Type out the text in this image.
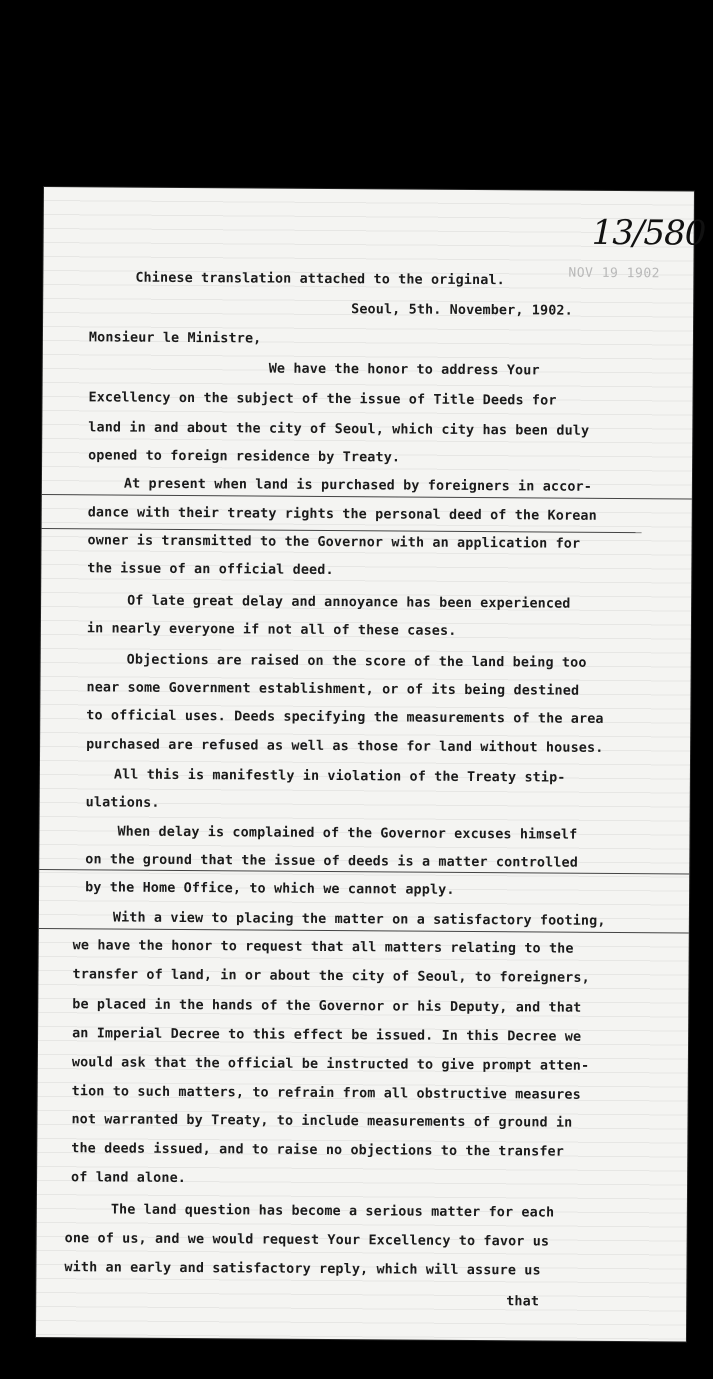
13/580
NOV 19 1902
Chinese translation attached to the original.
Seoul, 5th. November, 1902.
Monsieur le Ministre,
We have the honor to address Your
Excellency on the subject of the issue of Title Deeds for
land in and about the city of Seoul, which city has been duly
opened to foreign residence by Treaty.
At present when land is purchased by foreigners in accor-
dance with their treaty rights the personal deed of the Korean
owner is transmitted to the Governor with an application for
the issue of an official deed.
Of late great delay and annoyance has been experienced
in nearly everyone if not all of these cases.
Objections are raised on the score of the land being too
near some Government establishment, or of its being destined
to official uses. Deeds specifying the measurements of the area
purchased are refused as well as those for land without houses.
All this is manifestly in violation of the Treaty stip-
ulations.
When delay is complained of the Governor excuses himself
on the ground that the issue of deeds is a matter controlled
by the Home Office, to which we cannot apply.
With a view to placing the matter on a satisfactory footing,
we have the honor to request that all matters relating to the
transfer of land, in or about the city of Seoul, to foreigners,
be placed in the hands of the Governor or his Deputy, and that
an Imperial Decree to this effect be issued. In this Decree we
would ask that the official be instructed to give prompt atten-
tion to such matters, to refrain from all obstructive measures
not warranted by Treaty, to include measurements of ground in
the deeds issued, and to raise no objections to the transfer
of land alone.
The land question has become a serious matter for each
one of us, and we would request Your Excellency to favor us
with an early and satisfactory reply, which will assure us
that
